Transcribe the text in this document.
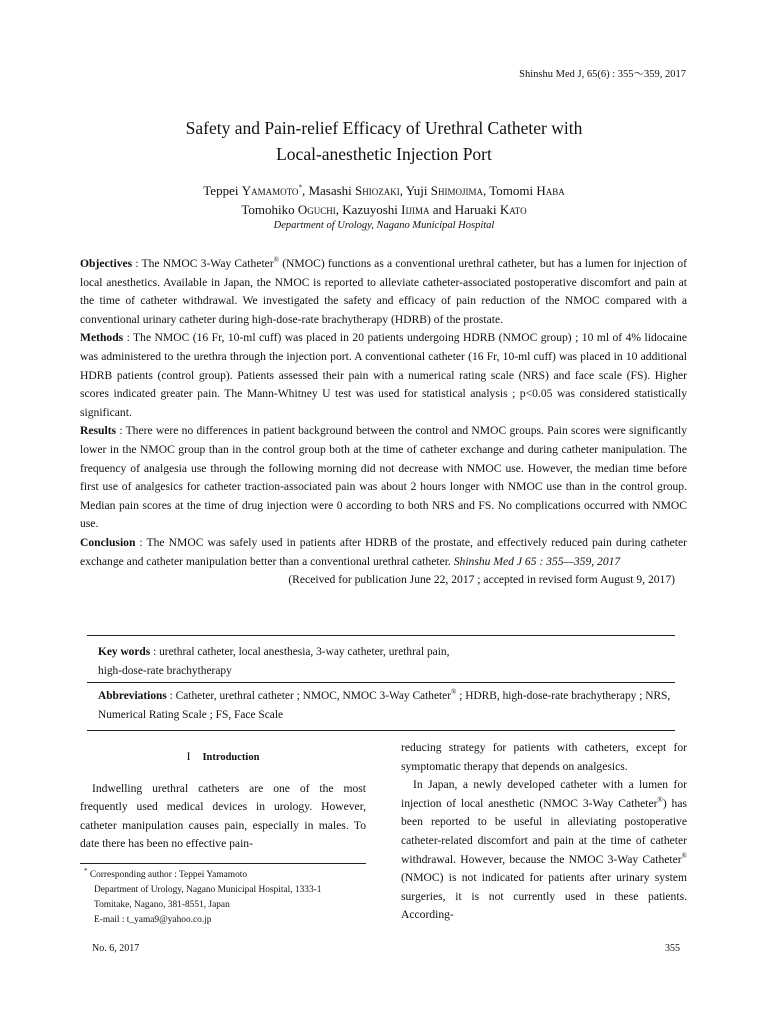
Shinshu Med J, 65(6) : 355～359, 2017
Safety and Pain-relief Efficacy of Urethral Catheter with
Local-anesthetic Injection Port
Teppei Yamamoto*, Masashi Shiozaki, Yuji Shimojima, Tomomi Haba
Tomohiko Oguchi, Kazuyoshi Iijima and Haruaki Kato
Department of Urology, Nagano Municipal Hospital

Objectives : The NMOC 3-Way Catheter® (NMOC) functions as a conventional urethral catheter, but has a lumen for injection of local anesthetics. Available in Japan, the NMOC is reported to alleviate catheter-associated postoperative discomfort and pain at the time of catheter withdrawal. We investigated the safety and efficacy of pain reduction of the NMOC compared with a conventional urinary catheter during high-dose-rate brachytherapy (HDRB) of the prostate.

Methods : The NMOC (16 Fr, 10-ml cuff) was placed in 20 patients undergoing HDRB (NMOC group) ; 10 ml of 4% lidocaine was administered to the urethra through the injection port. A conventional catheter (16 Fr, 10-ml cuff) was placed in 10 additional HDRB patients (control group). Patients assessed their pain with a numerical rating scale (NRS) and face scale (FS). Higher scores indicated greater pain. The Mann-Whitney U test was used for statistical analysis ; p<0.05 was considered statistically significant.

Results : There were no differences in patient background between the control and NMOC groups. Pain scores were significantly lower in the NMOC group than in the control group both at the time of catheter exchange and during catheter manipulation. The frequency of analgesia use through the following morning did not decrease with NMOC use. However, the median time before first use of analgesics for catheter traction-associated pain was about 2 hours longer with NMOC use than in the control group. Median pain scores at the time of drug injection were 0 according to both NRS and FS. No complications occurred with NMOC use.

Conclusion : The NMOC was safely used in patients after HDRB of the prostate, and effectively reduced pain during catheter exchange and catheter manipulation better than a conventional urethral catheter. Shinshu Med J 65 : 355—359, 2017

(Received for publication June 22, 2017 ; accepted in revised form August 9, 2017)

Key words : urethral catheter, local anesthesia, 3-way catheter, urethral pain,
high-dose-rate brachytherapy
Abbreviations : Catheter, urethral catheter ; NMOC, NMOC 3-Way Catheter® ; HDRB, high-dose-rate brachytherapy ; NRS, Numerical Rating Scale ; FS, Face Scale

I Introduction

Indwelling urethral catheters are one of the most frequently used medical devices in urology. However, catheter manipulation causes pain, especially in males. To date there has been no effective pain-

reducing strategy for patients with catheters, except for symptomatic therapy that depends on analgesics.

In Japan, a newly developed catheter with a lumen for injection of local anesthetic (NMOC 3-Way Catheter®) has been reported to be useful in alleviating postoperative catheter-related discomfort and pain at the time of catheter withdrawal. However, because the NMOC 3-Way Catheter® (NMOC) is not indicated for patients after urinary system surgeries, it is not currently used in these patients. According-

* Corresponding author : Teppei Yamamoto
Department of Urology, Nagano Municipal Hospital, 1333-1
Tomitake, Nagano, 381-8551, Japan
E-mail : t_yama9@yahoo.co.jp
No. 6, 2017	355
